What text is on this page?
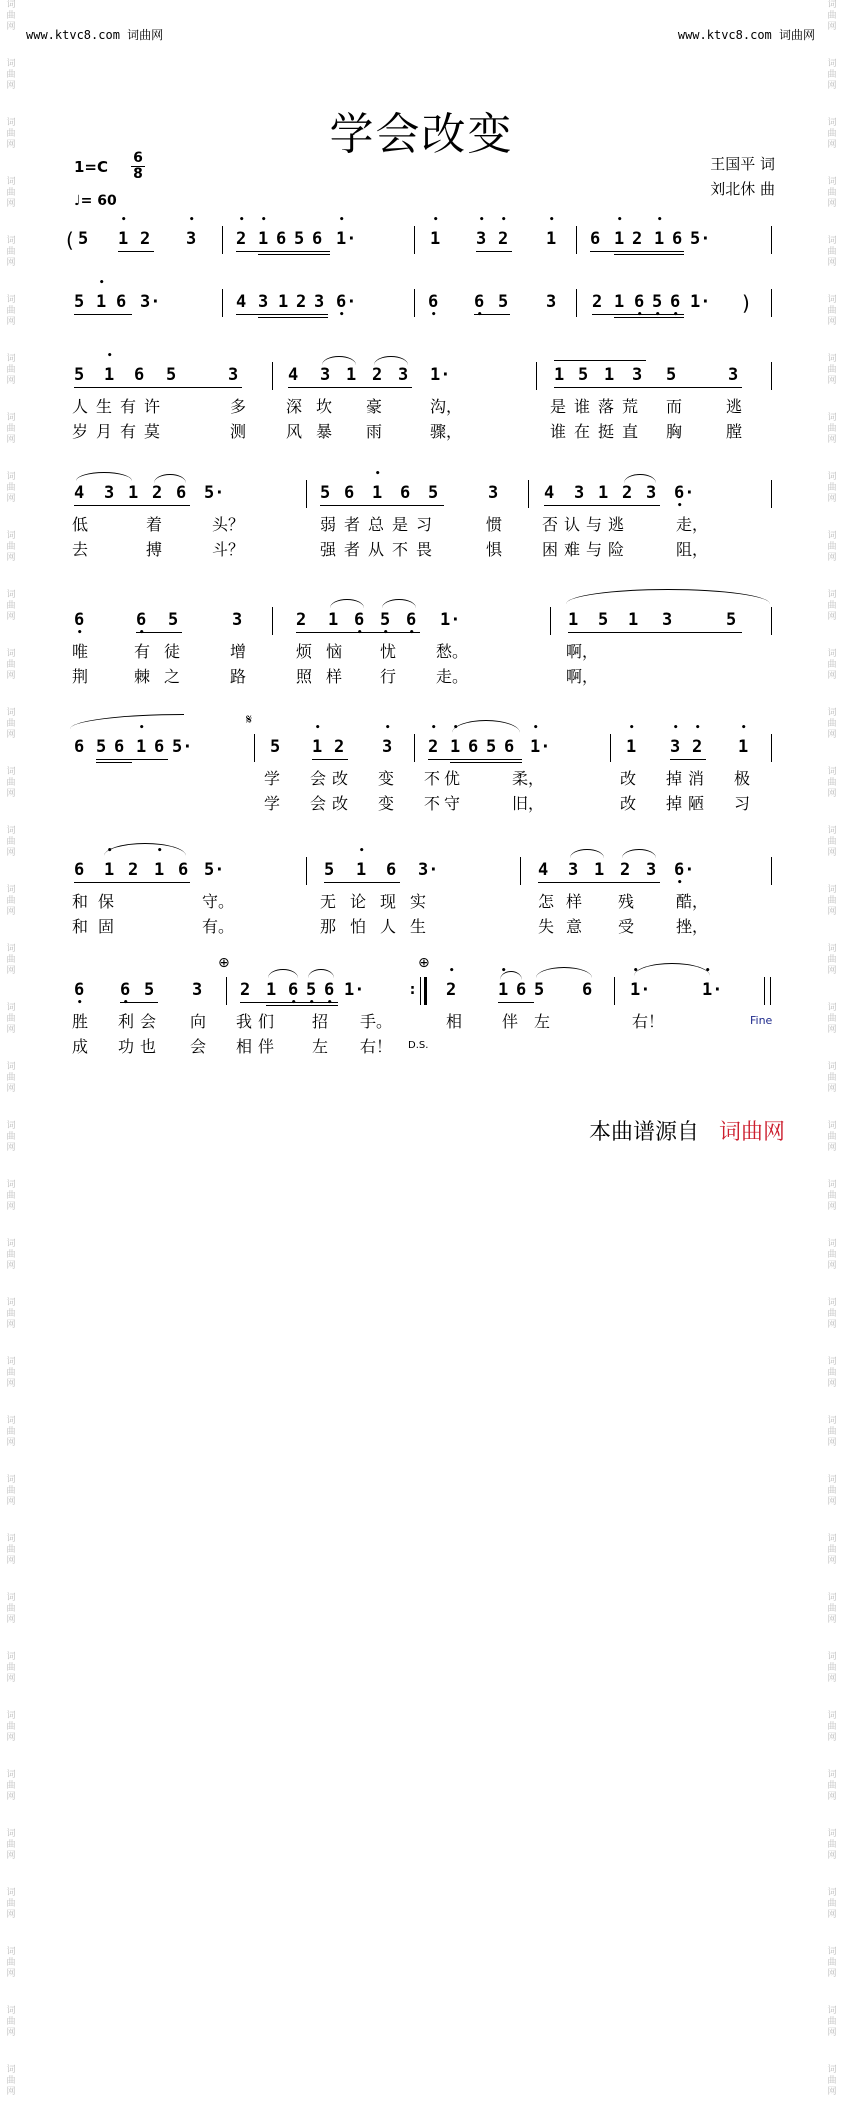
词
曲
网
词
曲
网
词
曲
网
词
曲
网
词
曲
网
词
曲
网
词
曲
网
词
曲
网
词
曲
网
词
曲
网
词
曲
网
词
曲
网
词
曲
网
词
曲
网
词
曲
网
词
曲
网
词
曲
网
词
曲
网
词
曲
网
词
曲
网
词
曲
网
词
曲
网
词
曲
网
词
曲
网
词
曲
网
词
曲
网
词
曲
网
词
曲
网
词
曲
网
词
曲
网
词
曲
网
词
曲
网
词
曲
网
词
曲
网
词
曲
网
词
曲
网
词
曲
网
词
曲
网
词
曲
网
词
曲
网
词
曲
网
词
曲
网
词
曲
网
词
曲
网
词
曲
网
词
曲
网
词
曲
网
词
曲
网
词
曲
网
词
曲
网
词
曲
网
词
曲
网
词
曲
网
词
曲
网
词
曲
网
词
曲
网
词
曲
网
词
曲
网
词
曲
网
词
曲
网
词
曲
网
词
曲
网
词
曲
网
词
曲
网
词
曲
网
词
曲
网
词
曲
网
词
曲
网
词
曲
网
词
曲
网
词
曲
网
词
曲
网
www.ktvc8.com 词曲网	www.ktvc8.com 词曲网
学会改变
1=C 6
8
♩= 60
王国平 词
刘北休 曲
( 5 • 1 2 • 3 • 2 • 1 6 5 6 • 1·	• 1 • 3 • 2 • 1 6 • 1 2 • 1 6 5·
5 • 1 6 3·	4 3 1 2 3 6· •	6 • 6 • 5 3 2 1 6 • 5 • 6 • 1· )
5 • 1 6 5	3	4 3 1 2 3 1·	1 5 1 3 5	3
人生有许	多 深坎 豪	沟，	是谁落荒 而	逃
岁月有莫	测 风暴 雨	骤，	谁在挺直 胸	膛
4 3 1 2 6 5·	5 6 • 1 6 5	3	4 3 1 2 3 6· •
低	着	头？	弱者总是习	惯 否认与逃	走，
去	搏	斗？	强者从不畏	惧 困难与险	阻，
6 •	6 • 5	3	2 1 6 • 5 • 6 • 1·	1 5 1 3	5
唯	有徒 增	烦恼 忧 愁。	啊，
荆	棘之 路	照样 行 走。	啊，
6 5 6 • 1 6 5·
𝄋
5 • 1 2 • 3 • 2 • 1 6 5 6 • 1·	• 1 • 3 • 2 • 1
学 会改 变 不优	柔，	改 掉消 极
学 会改 变 不守	旧，	改 掉陋 习
6 • 1 2 • 1 6 5·	5 • 1 6 3·	4 3 1 2 3 6· •
和保	守。	无论现实	怎样 残	酷，
和固	有。	那怕人生	失意 受	挫，
6 • 6 • 5 3
⊕
2 1 6 • 5 • 6 • 1·
⊕
: • 2 • 1 6 5 6 • 1·	• 1·
胜 利会 向 我们 招 手。	相 伴 左	右！	Fine
成 功也 会 相伴 左 右！ D.S.
本曲谱源自 词曲网
